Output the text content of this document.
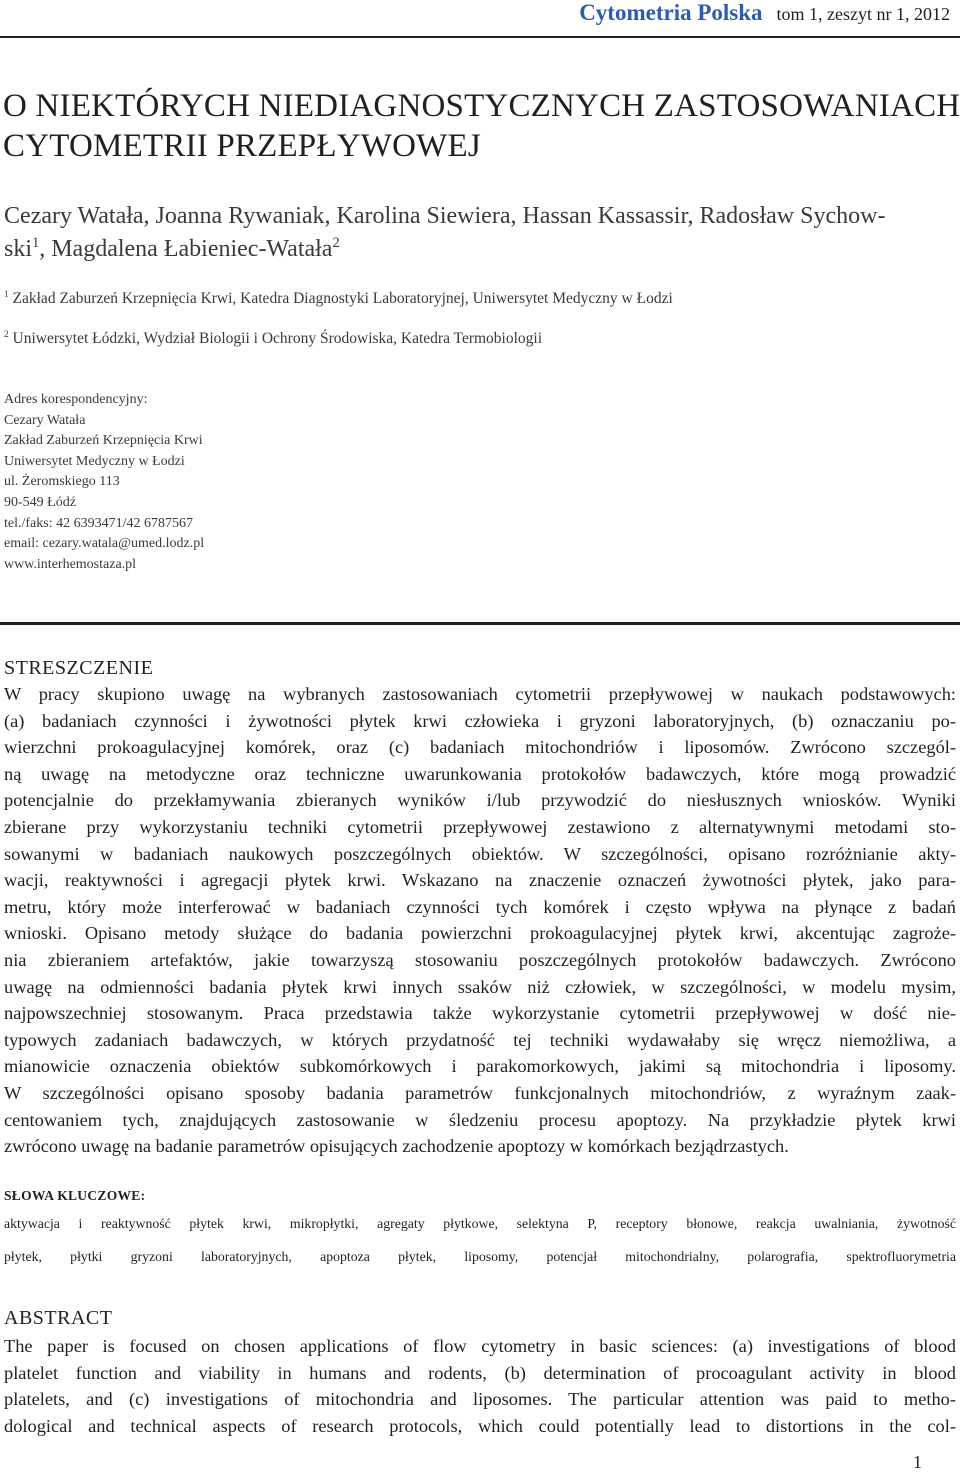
Cytometria Polska tom 1, zeszyt nr 1, 2012
O NIEKTÓRYCH NIEDIAGNOSTYCZNYCH ZASTOSOWANIACH
CYTOMETRII PRZEPŁYWOWEJ
Cezary Watała, Joanna Rywaniak, Karolina Siewiera, Hassan Kassassir, Radosław Sychow-
ski$^1$, Magdalena Łabieniec-Watała$^2$
$^1$ Zakład Zaburzeń Krzepnięcia Krwi, Katedra Diagnostyki Laboratoryjnej, Uniwersytet Medyczny w Łodzi
$^2$ Uniwersytet Łódzki, Wydział Biologii i Ochrony Środowiska, Katedra Termobiologii
Adres korespondencyjny:
Cezary Watała
Zakład Zaburzeń Krzepnięcia Krwi
Uniwersytet Medyczny w Łodzi
ul. Żeromskiego 113
90-549 Łódź
tel./faks: 42 6393471/42 6787567
email: cezary.watala@umed.lodz.pl
www.interhemostaza.pl
STRESZCZENIE
W pracy skupiono uwagę na wybranych zastosowaniach cytometrii przepływowej w naukach podstawowych:
(a) badaniach czynności i żywotności płytek krwi człowieka i gryzoni laboratoryjnych, (b) oznaczaniu po-
wierzchni prokoagulacyjnej komórek, oraz (c) badaniach mitochondriów i liposomów. Zwrócono szczegól-
ną uwagę na metodyczne oraz techniczne uwarunkowania protokołów badawczych, które mogą prowadzić
potencjalnie do przekłamywania zbieranych wyników i/lub przywodzić do niesłusznych wniosków. Wyniki
zbierane przy wykorzystaniu techniki cytometrii przepływowej zestawiono z alternatywnymi metodami sto-
sowanymi w badaniach naukowych poszczególnych obiektów. W szczególności, opisano rozróżnianie akty-
wacji, reaktywności i agregacji płytek krwi. Wskazano na znaczenie oznaczeń żywotności płytek, jako para-
metru, który może interferować w badaniach czynności tych komórek i często wpływa na płynące z badań
wnioski. Opisano metody służące do badania powierzchni prokoagulacyjnej płytek krwi, akcentując zagroże-
nia zbieraniem artefaktów, jakie towarzyszą stosowaniu poszczególnych protokołów badawczych. Zwrócono
uwagę na odmienności badania płytek krwi innych ssaków niż człowiek, w szczególności, w modelu mysim,
najpowszechniej stosowanym. Praca przedstawia także wykorzystanie cytometrii przepływowej w dość nie-
typowych zadaniach badawczych, w których przydatność tej techniki wydawałaby się wręcz niemożliwa, a
mianowicie oznaczenia obiektów subkomórkowych i parakomorkowych, jakimi są mitochondria i liposomy.
W szczególności opisano sposoby badania parametrów funkcjonalnych mitochondriów, z wyraźnym zaak-
centowaniem tych, znajdujących zastosowanie w śledzeniu procesu apoptozy. Na przykładzie płytek krwi
zwrócono uwagę na badanie parametrów opisujących zachodzenie apoptozy w komórkach bezjądrzastych.
SŁOWA KLUCZOWE:
aktywacja i reaktywność płytek krwi, mikropłytki, agregaty płytkowe, selektyna P, receptory błonowe, reakcja uwalniania, żywotność
płytek, płytki gryzoni laboratoryjnych, apoptoza płytek, liposomy, potencjał mitochondrialny, polarografia, spektrofluorymetria
ABSTRACT
The paper is focused on chosen applications of flow cytometry in basic sciences: (a) investigations of blood
platelet function and viability in humans and rodents, (b) determination of procoagulant activity in blood
platelets, and (c) investigations of mitochondria and liposomes. The particular attention was paid to metho-
dological and technical aspects of research protocols, which could potentially lead to distortions in the col-
1
